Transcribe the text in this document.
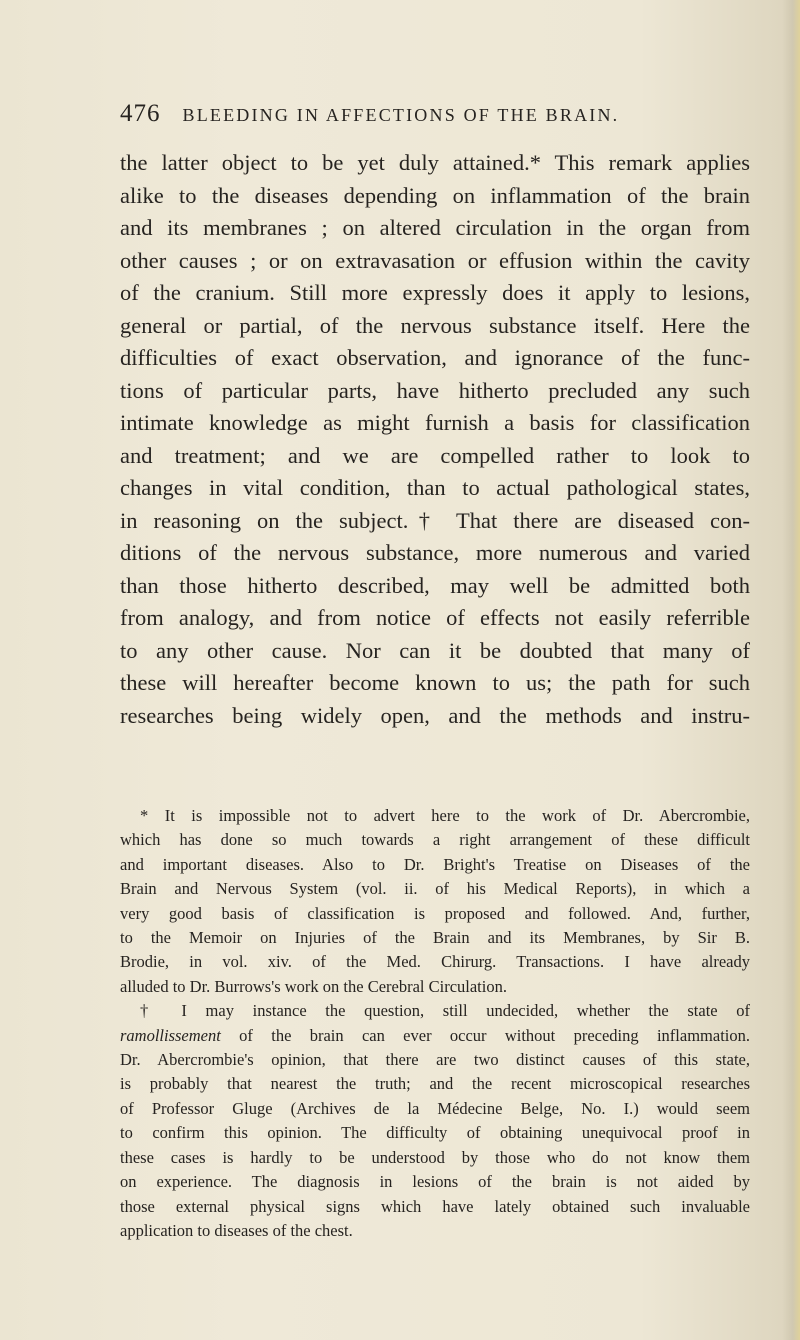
476 BLEEDING IN AFFECTIONS OF THE BRAIN.
the latter object to be yet duly attained.* This remark applies
alike to the diseases depending on inflammation of the brain
and its membranes ; on altered circulation in the organ from
other causes ; or on extravasation or effusion within the cavity
of the cranium. Still more expressly does it apply to lesions,
general or partial, of the nervous substance itself. Here the
difficulties of exact observation, and ignorance of the func-
tions of particular parts, have hitherto precluded any such
intimate knowledge as might furnish a basis for classification
and treatment; and we are compelled rather to look to
changes in vital condition, than to actual pathological states,
in reasoning on the subject.† That there are diseased con-
ditions of the nervous substance, more numerous and varied
than those hitherto described, may well be admitted both
from analogy, and from notice of effects not easily referrible
to any other cause. Nor can it be doubted that many of
these will hereafter become known to us; the path for such
researches being widely open, and the methods and instru-
* It is impossible not to advert here to the work of Dr. Abercrombie,
which has done so much towards a right arrangement of these difficult
and important diseases. Also to Dr. Bright's Treatise on Diseases of the
Brain and Nervous System (vol. ii. of his Medical Reports), in which a
very good basis of classification is proposed and followed. And, further,
to the Memoir on Injuries of the Brain and its Membranes, by Sir B.
Brodie, in vol. xiv. of the Med. Chirurg. Transactions. I have already
alluded to Dr. Burrows's work on the Cerebral Circulation.
† I may instance the question, still undecided, whether the state of
ramollissement of the brain can ever occur without preceding inflammation.
Dr. Abercrombie's opinion, that there are two distinct causes of this state,
is probably that nearest the truth; and the recent microscopical researches
of Professor Gluge (Archives de la Médecine Belge, No. I.) would seem
to confirm this opinion. The difficulty of obtaining unequivocal proof in
these cases is hardly to be understood by those who do not know them
on experience. The diagnosis in lesions of the brain is not aided by
those external physical signs which have lately obtained such invaluable
application to diseases of the chest.
